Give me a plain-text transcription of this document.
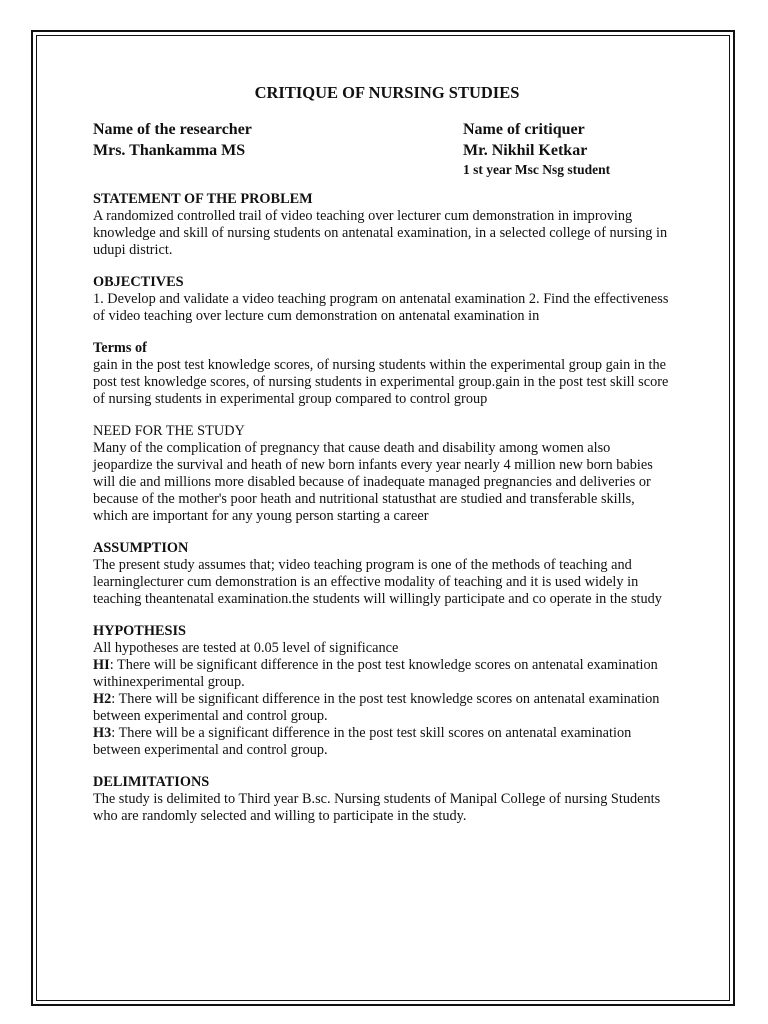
CRITIQUE OF NURSING STUDIES
Name of the researcher
Mrs. Thankamma MS
Name of critiquer
Mr. Nikhil Ketkar
1 st year Msc Nsg student
STATEMENT OF THE PROBLEM

A randomized controlled trail of video teaching over lecturer cum demonstration in improving knowledge and skill of nursing students on antenatal examination, in a selected college of nursing in udupi district.

OBJECTIVES

1. Develop and validate a video teaching program on antenatal examination 2. Find the effectiveness of video teaching over lecture cum demonstration on antenatal examination in

Terms of

gain in the post test knowledge scores, of nursing students within the experimental group gain in the post test knowledge scores, of nursing students in experimental group.gain in the post test skill score of nursing students in experimental group compared to control group

NEED FOR THE STUDY

Many of the complication of pregnancy that cause death and disability among women also jeopardize the survival and heath of new born infants every year nearly 4 million new born babies will die and millions more disabled because of inadequate managed pregnancies and deliveries or because of the mother's poor heath and nutritional statusthat are studied and transferable skills, which are important for any young person starting a career

ASSUMPTION

The present study assumes that; video teaching program is one of the methods of teaching and learninglecturer cum demonstration is an effective modality of teaching and it is used widely in teaching theantenatal examination.the students will willingly participate and co operate in the study

HYPOTHESIS

All hypotheses are tested at 0.05 level of significance

HI: There will be significant difference in the post test knowledge scores on antenatal examination withinexperimental group.

H2: There will be significant difference in the post test knowledge scores on antenatal examination between experimental and control group.

H3: There will be a significant difference in the post test skill scores on antenatal examination between experimental and control group.

DELIMITATIONS

The study is delimited to Third year B.sc. Nursing students of Manipal College of nursing Students who are randomly selected and willing to participate in the study.
